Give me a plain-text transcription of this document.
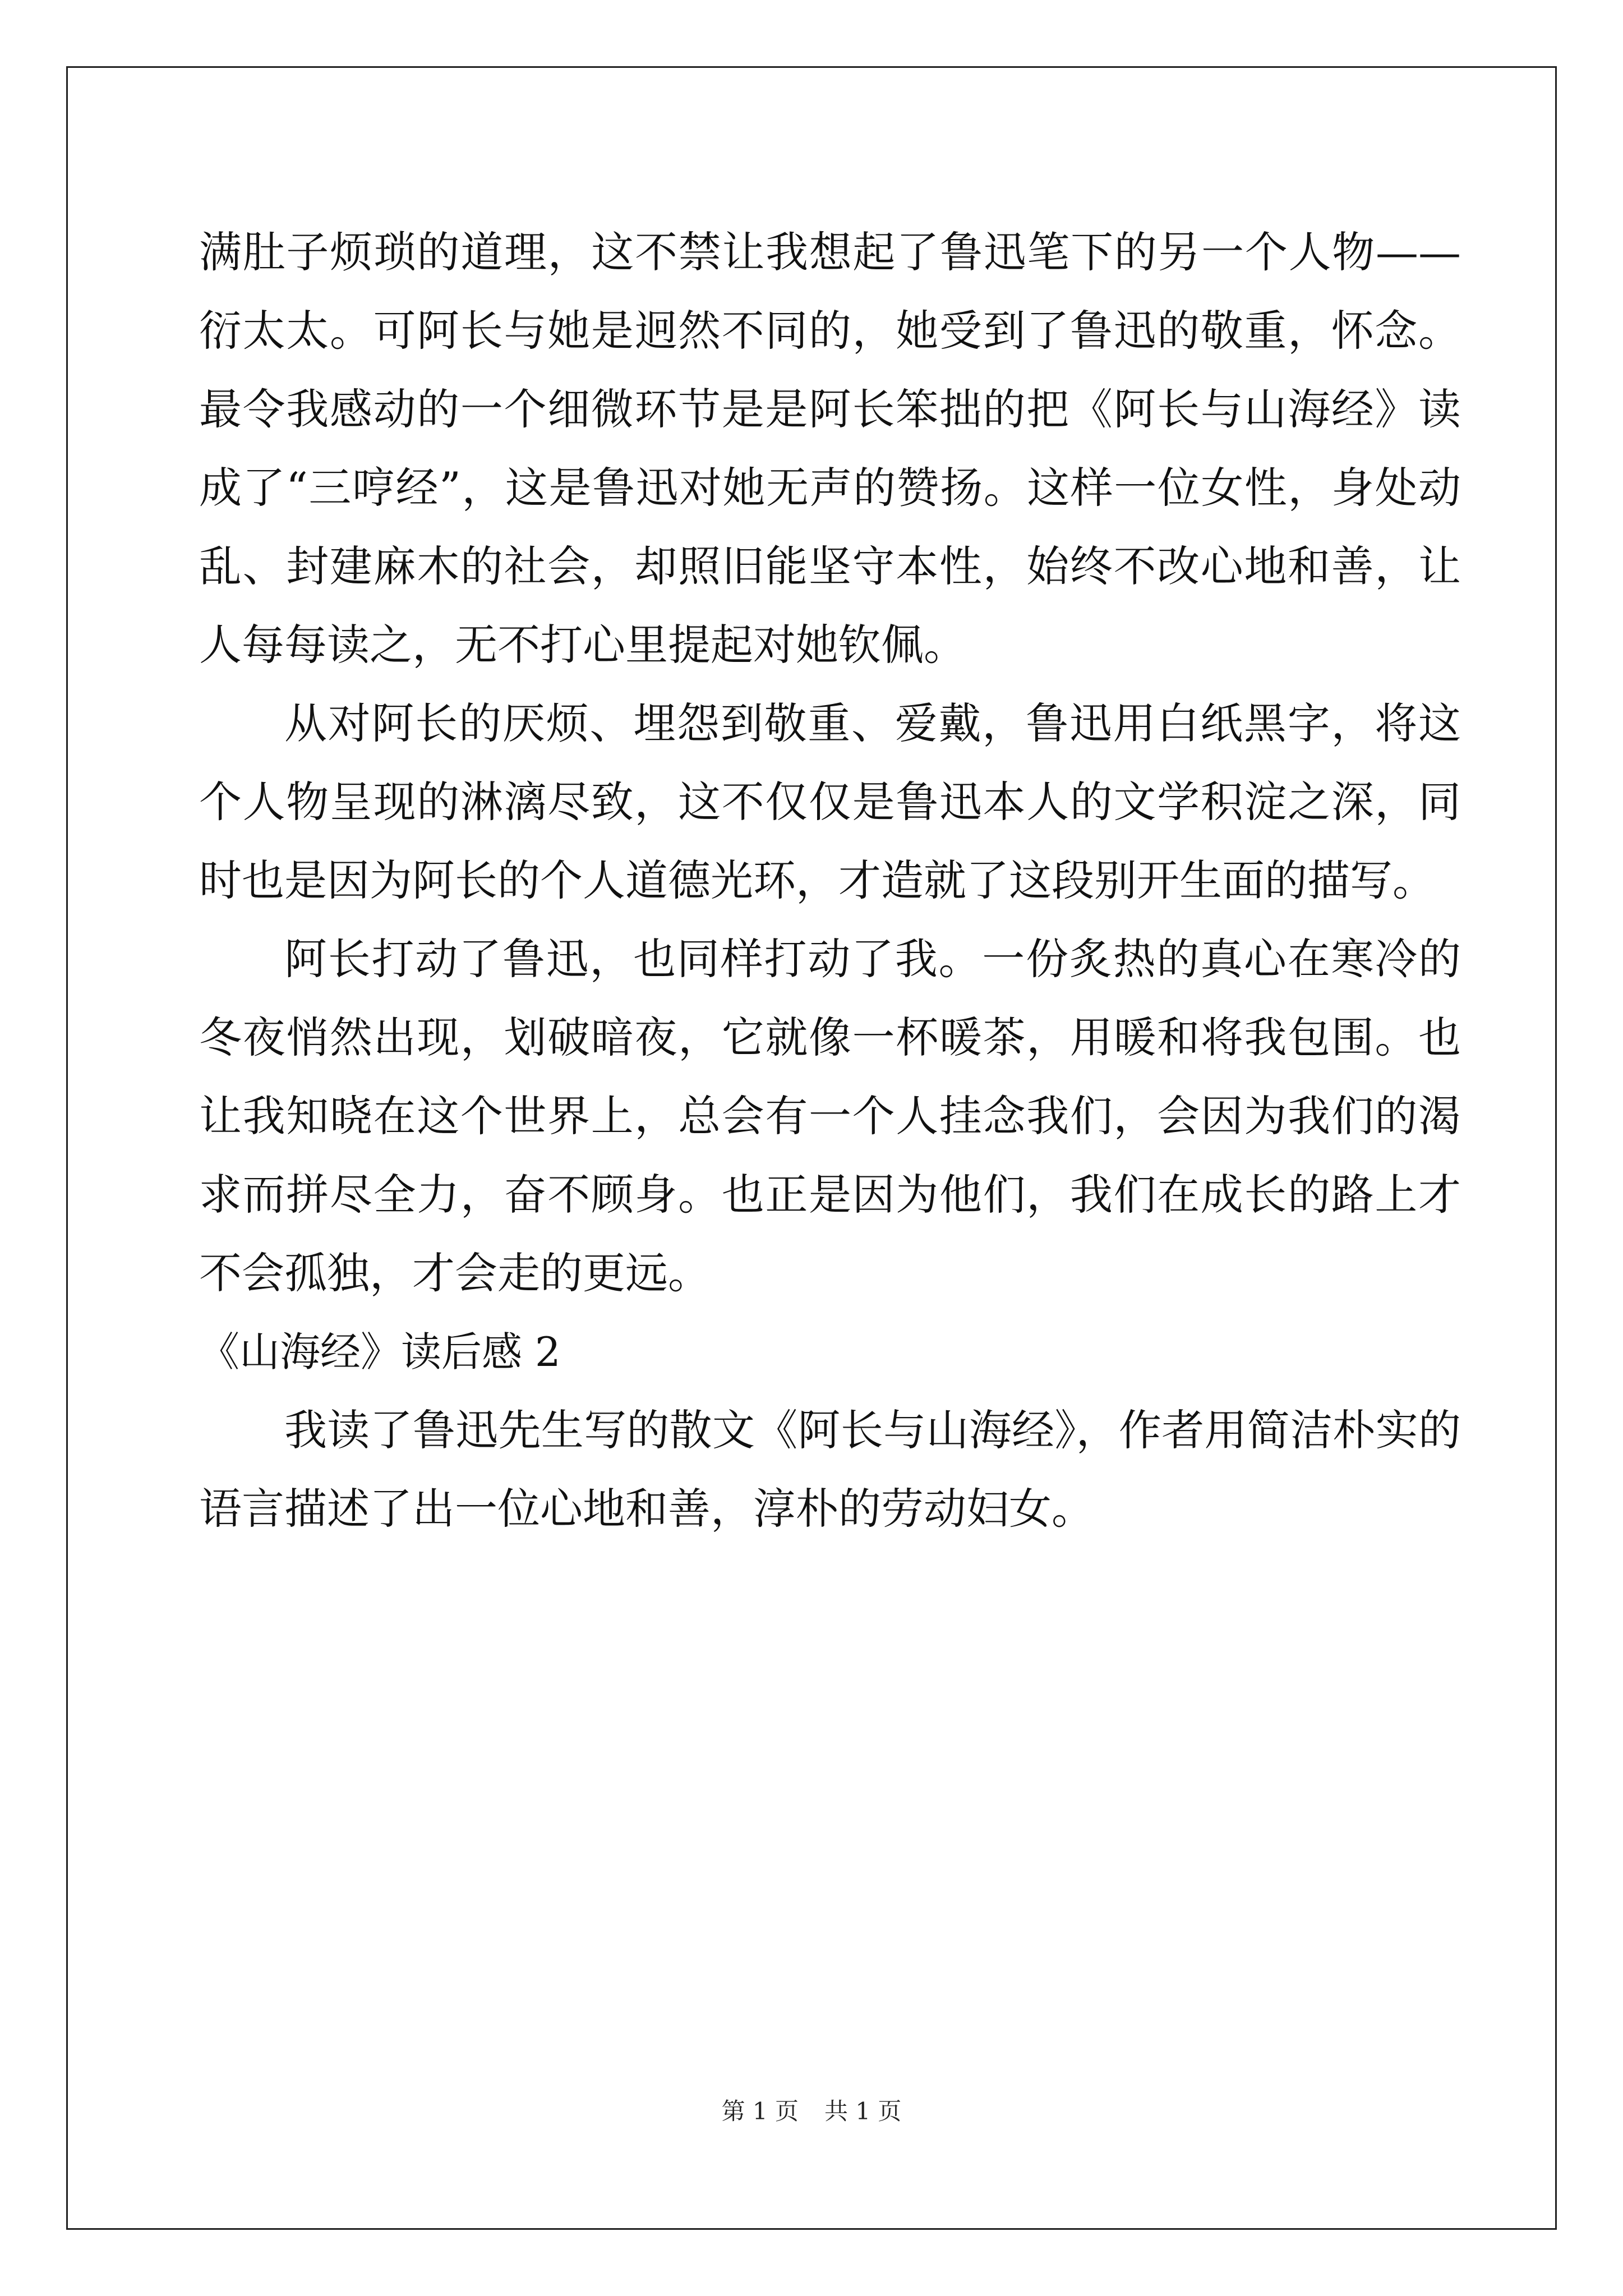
满肚子烦琐的道理，这不禁让我想起了鲁迅笔下的另一个人物——衍太太。可阿长与她是迥然不同的，她受到了鲁迅的敬重，怀念。最令我感动的一个细微环节是是阿长笨拙的把《阿长与山海经》读成了“三哼经”，这是鲁迅对她无声的赞扬。这样一位女性，身处动乱、封建麻木的社会，却照旧能坚守本性，始终不改心地和善，让人每每读之，无不打心里提起对她钦佩。

从对阿长的厌烦、埋怨到敬重、爱戴，鲁迅用白纸黑字，将这个人物呈现的淋漓尽致，这不仅仅是鲁迅本人的文学积淀之深，同时也是因为阿长的个人道德光环，才造就了这段别开生面的描写。

阿长打动了鲁迅，也同样打动了我。一份炙热的真心在寒冷的冬夜悄然出现，划破暗夜，它就像一杯暖茶，用暖和将我包围。也让我知晓在这个世界上，总会有一个人挂念我们，会因为我们的渴求而拼尽全力，奋不顾身。也正是因为他们，我们在成长的路上才不会孤独，才会走的更远。

《山海经》读后感 2

我读了鲁迅先生写的散文《阿长与山海经》，作者用简洁朴实的语言描述了出一位心地和善，淳朴的劳动妇女。

第 1 页 共 1 页
